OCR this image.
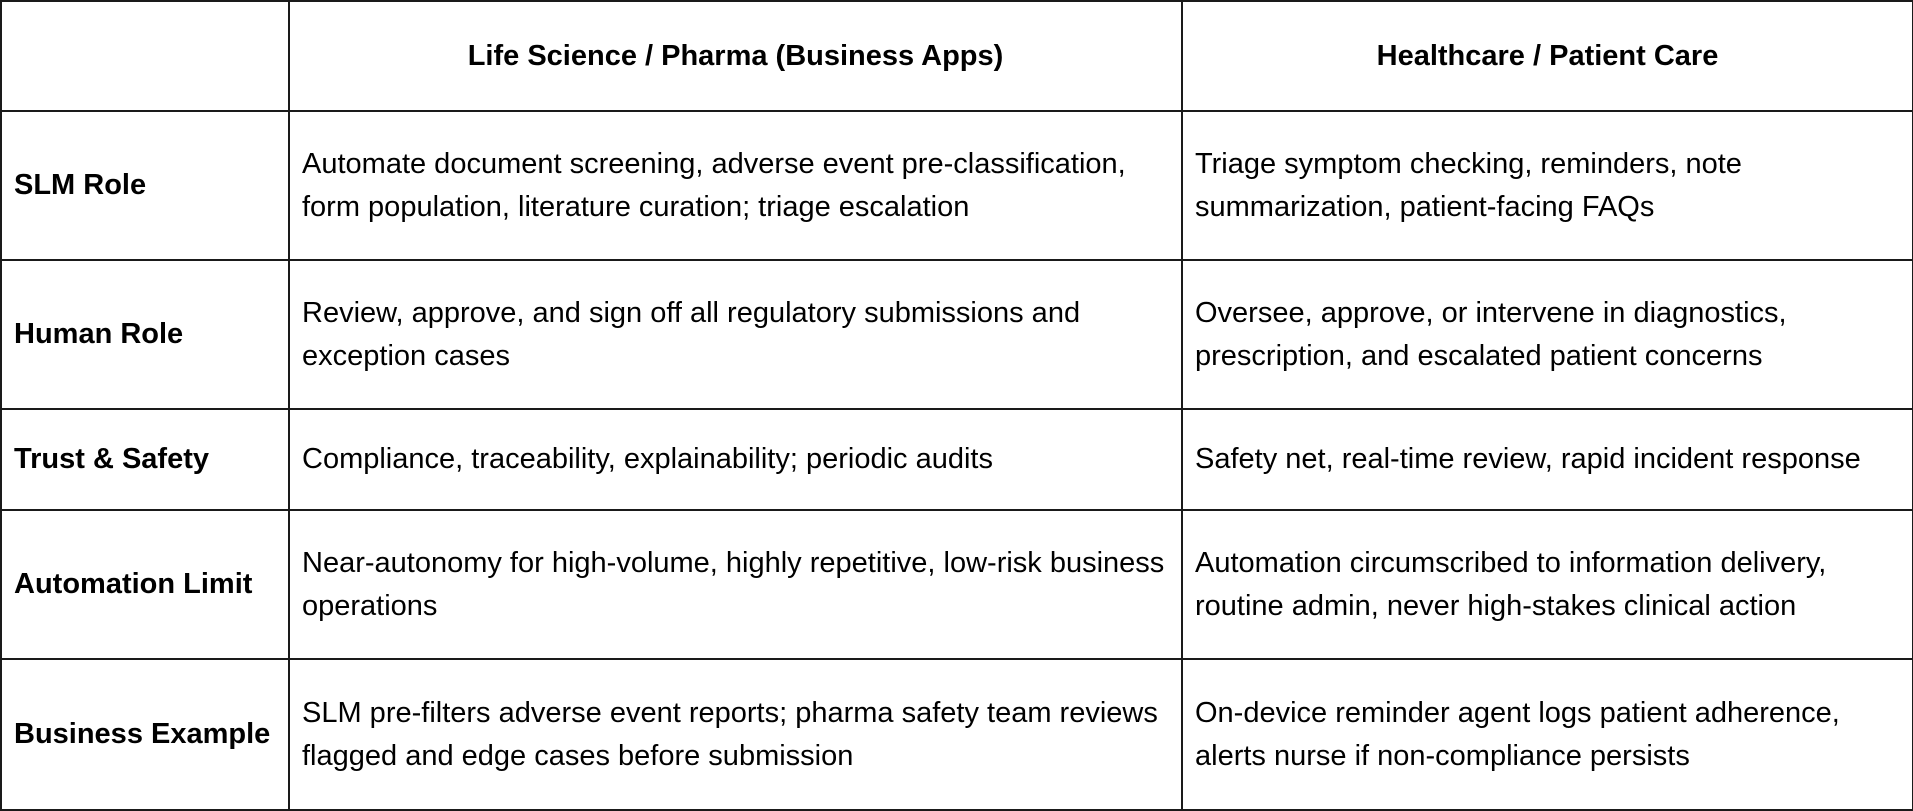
	Life Science / Pharma (Business Apps)	Healthcare / Patient Care
SLM Role	Automate document screening, adverse event pre-classification, form population, literature curation; triage escalation	Triage symptom checking, reminders, note summarization, patient-facing FAQs
Human Role	Review, approve, and sign off all regulatory submissions and exception cases	Oversee, approve, or intervene in diagnostics, prescription, and escalated patient concerns
Trust & Safety	Compliance, traceability, explainability; periodic audits	Safety net, real-time review, rapid incident response
Automation Limit	Near-autonomy for high-volume, highly repetitive, low-risk business operations	Automation circumscribed to information delivery, routine admin, never high-stakes clinical action
Business Example	SLM pre-filters adverse event reports; pharma safety team reviews flagged and edge cases before submission	On-device reminder agent logs patient adherence, alerts nurse if non-compliance persists
